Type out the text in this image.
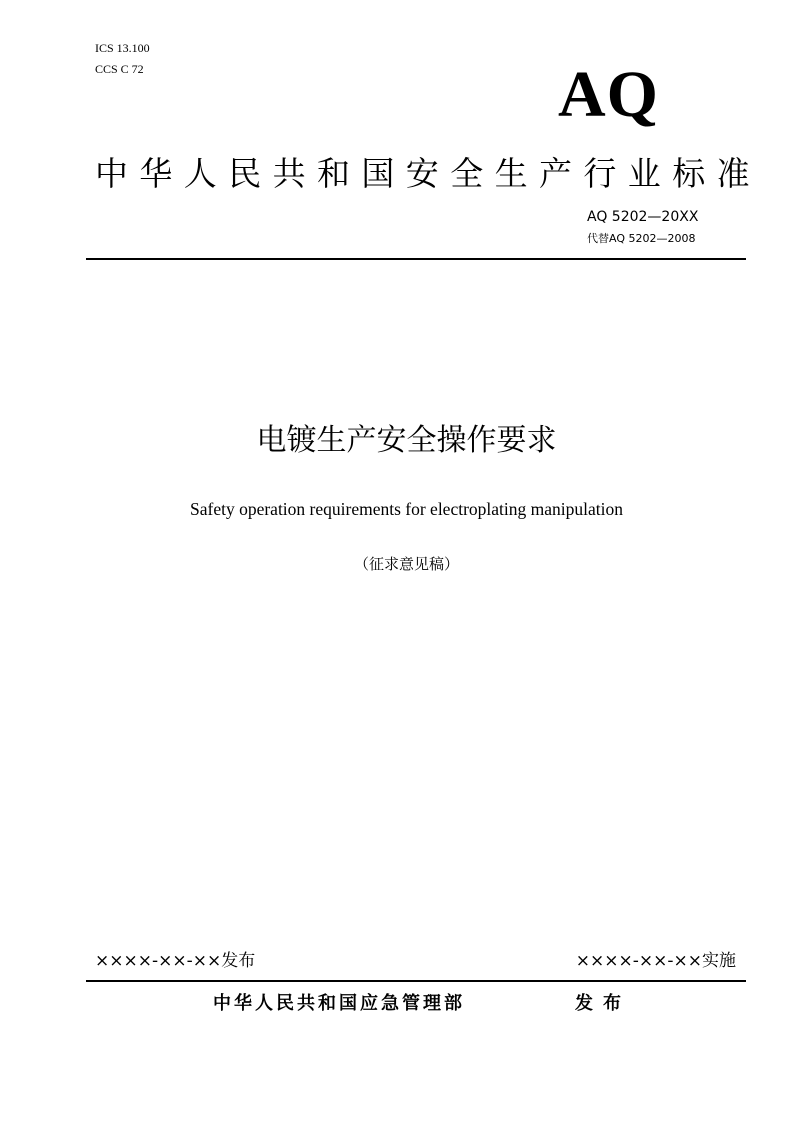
ICS 13.100
CCS C 72	AQ
中华人民共和国安全生产行业标准
AQ 5202—20XX
代替AQ 5202—2008
电镀生产安全操作要求
Safety operation requirements for electroplating manipulation
（征求意见稿）
××××-××-××发布	××××-××-××实施
中华人民共和国应急管理部	发布
